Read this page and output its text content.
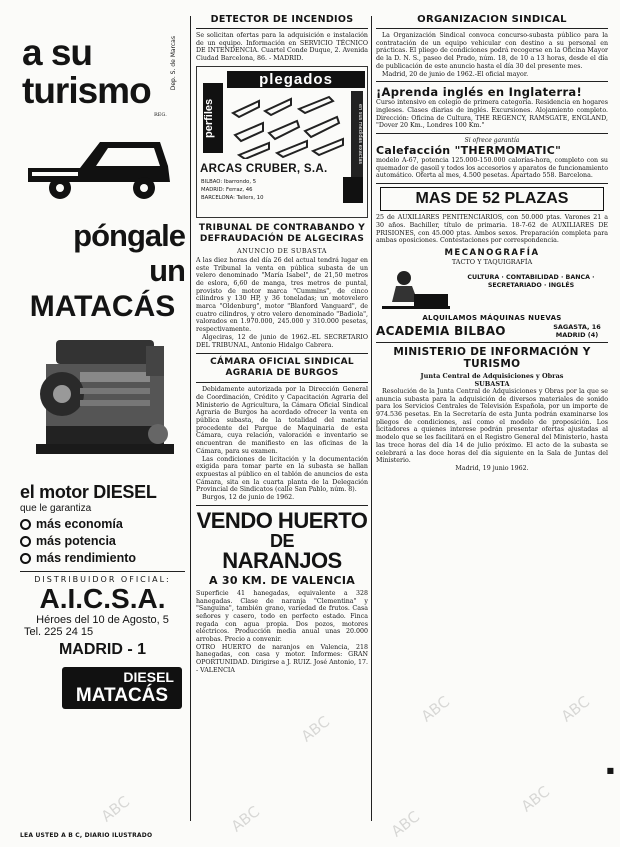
a su
turismo
REG.
Dep. S. de Marcas
póngale
un
MATACÁS
el motor DIESEL
que le garantiza
más economía
más potencia
más rendimiento
DISTRIBUIDOR OFICIAL:
A.I.C.S.A.
Héroes del 10 de Agosto, 5
Tel. 225 24 15
MADRID - 1
DIESEL
MATACÁS
DETECTOR DE INCENDIOS

Se solicitan ofertas para la adquisición e instalación de un equipo. Información en SERVICIO TÉCNICO DE INTENDENCIA. Cuartel Conde Duque, 2. Avenida Ciudad Barcelona, 86. - MADRID.

plegados
perfiles	en sus medidas exactas
ARCAS CRUBER, S.A.
BILBAO: Ibarrondo, 5
MADRID: Ferraz, 46
BARCELONA: Tallers, 10
TRIBUNAL DE CONTRABANDO Y DEFRAUDACIÓN DE ALGECIRAS
ANUNCIO DE SUBASTA

A las diez horas del día 26 del actual tendrá lugar en este Tribunal la venta en pública subasta de un velero denominado "María Isabel", de 21,50 metros de eslora, 6,60 de manga, tres metros de puntal, provisto de motor marca "Cummins", de cinco cilindros y 130 HP, y 36 toneladas; un motovelero marca "Oldenburg", motor "Blanford Vanguard", de cuatro cilindros, y otro velero denominado "Badiola", valorados en 1.970.000, 245.000 y 310.000 pesetas, respectivamente.

Algeciras, 12 de junio de 1962.-EL SECRETARIO DEL TRIBUNAL, Antonio Hidalgo Cabrera.

CÁMARA OFICIAL SINDICAL AGRARIA DE BURGOS

Debidamente autorizada por la Dirección General de Coordinación, Crédito y Capacitación Agraria del Ministerio de Agricultura, la Cámara Oficial Sindical Agraria de Burgos ha acordado ofrecer la venta en pública subasta, de la totalidad del material procedente del Parque de Maquinaria de esta Cámara, cuya relación, valoración e inventario se encuentran de manifiesto en las oficinas de la Cámara, para su examen.

Las condiciones de licitación y la documentación exigida para tomar parte en la subasta se hallan expuestas al público en el tablón de anuncios de esta Cámara, sita en la cuarta planta de la Delegación Provincial de Sindicatos (calle San Pablo, núm. 8).

Burgos, 12 de junio de 1962.

VENDO HUERTO
DE
NARANJOS
A 30 KM. DE VALENCIA

Superficie 41 hanegadas, equivalente a 328 hanegadas. Clase de naranja "Clementina" y "Sanguina", también grano, variedad de frutos. Casa señores y casero, todo en perfecto estado. Finca regada con agua propia. Dos pozos, motores eléctricos. Producción media anual unas 20.000 arrobas. Precio a convenir.

OTRO HUERTO de naranjos en Valencia, 218 hanegadas, con casa y motor. Informes: GRAN OPORTUNIDAD. Dirigirse a J. RUIZ. José Antonio, 17. - VALENCIA

ORGANIZACIÓN SINDICAL

La Organización Sindical convoca concurso-subasta público para la contratación de un equipo vehicular con destino a su personal en prácticas. El pliego de condiciones podrá recogerse en la Oficina Mayor de la D. N. S., paseo del Prado, núm. 18, de 10 a 13 horas, desde el día de publicación de este anuncio hasta el día 30 del presente mes.

Madrid, 20 de junio de 1962.-El oficial mayor.

¡Aprenda inglés en Inglaterra!

Curso intensivo en colegio de primera categoría. Residencia en hogares ingleses. Clases diarias de inglés. Excursiones. Alojamiento completo. Dirección: Oficina de Cultura, THE REGENCY, RAMSGATE, ENGLAND, "Dover 20 Km., Londres 100 Km."

Si ofrece garantía
Calefacción "THERMOMATIC"

modelo A-67, potencia 125.000-150.000 calorías-hora, completo con su quemador de gasoil y todos los accesorios y aparatos de funcionamiento automático. Oferta al mes, 4.500 pesetas. Apartado 558. Barcelona.

MAS DE 52 PLAZAS

25 de AUXILIARES PENITENCIARIOS, con 50.000 ptas. Varones 21 a 30 años. Bachiller, título de primaria. 18-7-62 de AUXILIARES DE PRISIONES, con 45.000 ptas. Ambos sexos. Preparación completa para ambas oposiciones. Contestaciones por correspondencia.

MECANOGRAFÍA
TACTO Y TAQUIGRAFÍA
CULTURA · CONTABILIDAD · BANCA · SECRETARIADO · INGLÉS
ALQUILAMOS MÁQUINAS NUEVAS
ACADEMIA BILBAO	SAGASTA, 16 MADRID (4)
MINISTERIO DE INFORMACIÓN Y TURISMO
Junta Central de Adquisiciones y Obras
SUBASTA

Resolución de la Junta Central de Adquisiciones y Obras por la que se anuncia subasta para la adquisición de diversos materiales de sonido para los Servicios Centrales de Televisión Española, por un importe de 974.536 pesetas. En la Secretaría de esta Junta podrán examinarse los pliegos de condiciones, así como el modelo de proposición. Los licitadores a quienes interese podrán presentar ofertas ajustadas al modelo que se les facilitará en el Registro General del Ministerio, hasta las trece horas del día 14 de julio próximo. El acto de la subasta se celebrará a las doce horas del día siguiente en la Sala de Juntas del Ministerio.

Madrid, 19 junio 1962.

ABC	ABC	ABC
ABC
ABC	ABC
ABC
■
LEA USTED A B C, DIARIO ILUSTRADO
